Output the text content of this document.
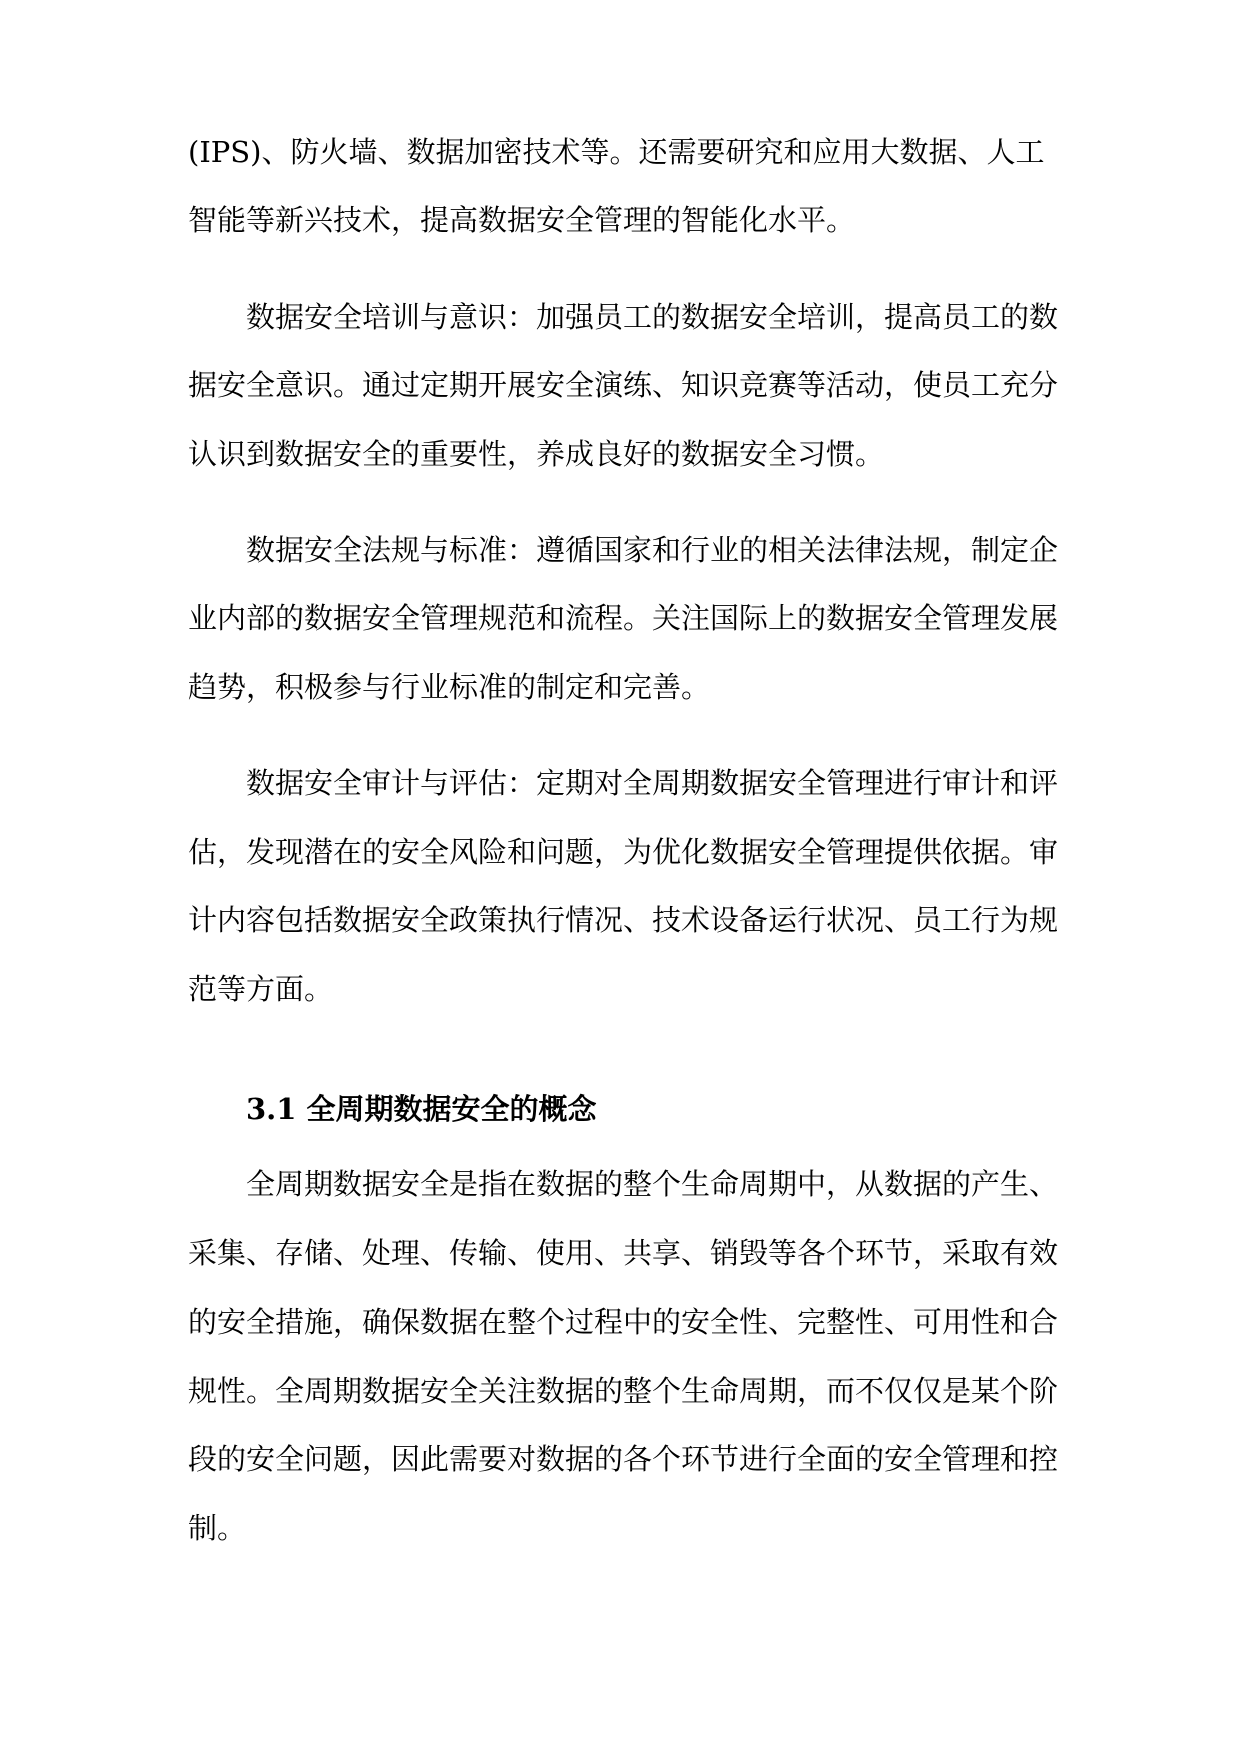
(IPS)、防火墙、数据加密技术等。还需要研究和应用大数据、人工

智能等新兴技术，提高数据安全管理的智能化水平。

数据安全培训与意识：加强员工的数据安全培训，提高员工的数

据安全意识。通过定期开展安全演练、知识竞赛等活动，使员工充分

认识到数据安全的重要性，养成良好的数据安全习惯。

数据安全法规与标准：遵循国家和行业的相关法律法规，制定企

业内部的数据安全管理规范和流程。关注国际上的数据安全管理发展

趋势，积极参与行业标准的制定和完善。

数据安全审计与评估：定期对全周期数据安全管理进行审计和评

估，发现潜在的安全风险和问题，为优化数据安全管理提供依据。审

计内容包括数据安全政策执行情况、技术设备运行状况、员工行为规

范等方面。

3.1 全周期数据安全的概念

全周期数据安全是指在数据的整个生命周期中，从数据的产生、

采集、存储、处理、传输、使用、共享、销毁等各个环节，采取有效

的安全措施，确保数据在整个过程中的安全性、完整性、可用性和合

规性。全周期数据安全关注数据的整个生命周期，而不仅仅是某个阶

段的安全问题，因此需要对数据的各个环节进行全面的安全管理和控

制。
